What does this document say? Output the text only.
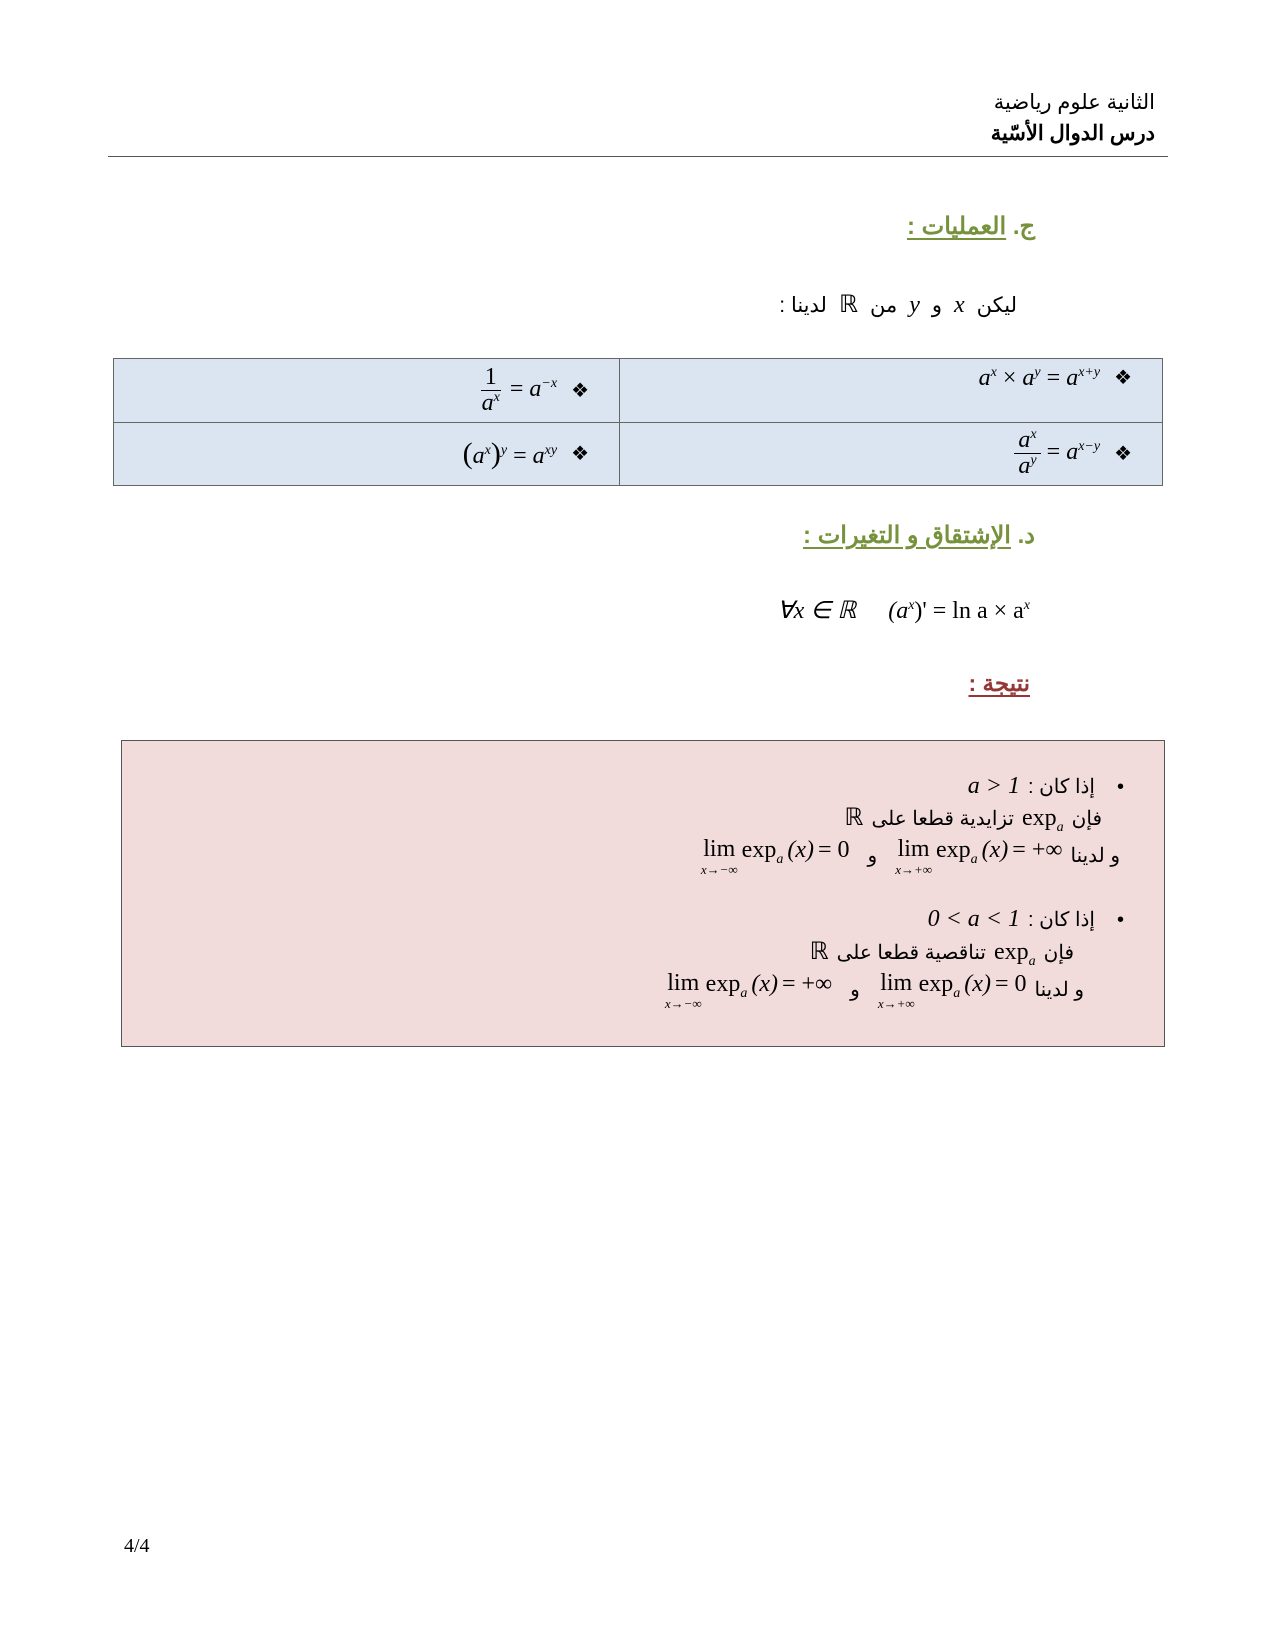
الثانية علوم رياضية
درس الدوال الأسّية
ج. العمليات :
ليكن
x
و
y
من
ℝ
لدينا :
$\frac{1}{a^x} = a^{-x}$ ❖	$a^x \times a^y = a^{x+y}$ ❖

$(a^x)^y = a^{xy}$ ❖	$\frac{a^x}{a^y} = a^{x-y}$ ❖
د. الإشتقاق و التغيرات :
∀x ∈ ℝ $(a^x)' = \ln a \times a^x$
نتيجة :
•
إذا كان :
a > 1
فإن
$\exp_a$
تزايدية قطعا على
ℝ
و لدينا
lim
x→+∞
$\exp_a (x)$ = +∞
و
lim
x→−∞
$\exp_a (x) = 0$
•
إذا كان :
0 < a < 1
فإن
$\exp_a$
تناقصية قطعا على
ℝ
و لدينا
lim
x→+∞
$\exp_a (x) = 0$
و
lim
x→−∞
$\exp_a (x)$ = +∞
4/4
